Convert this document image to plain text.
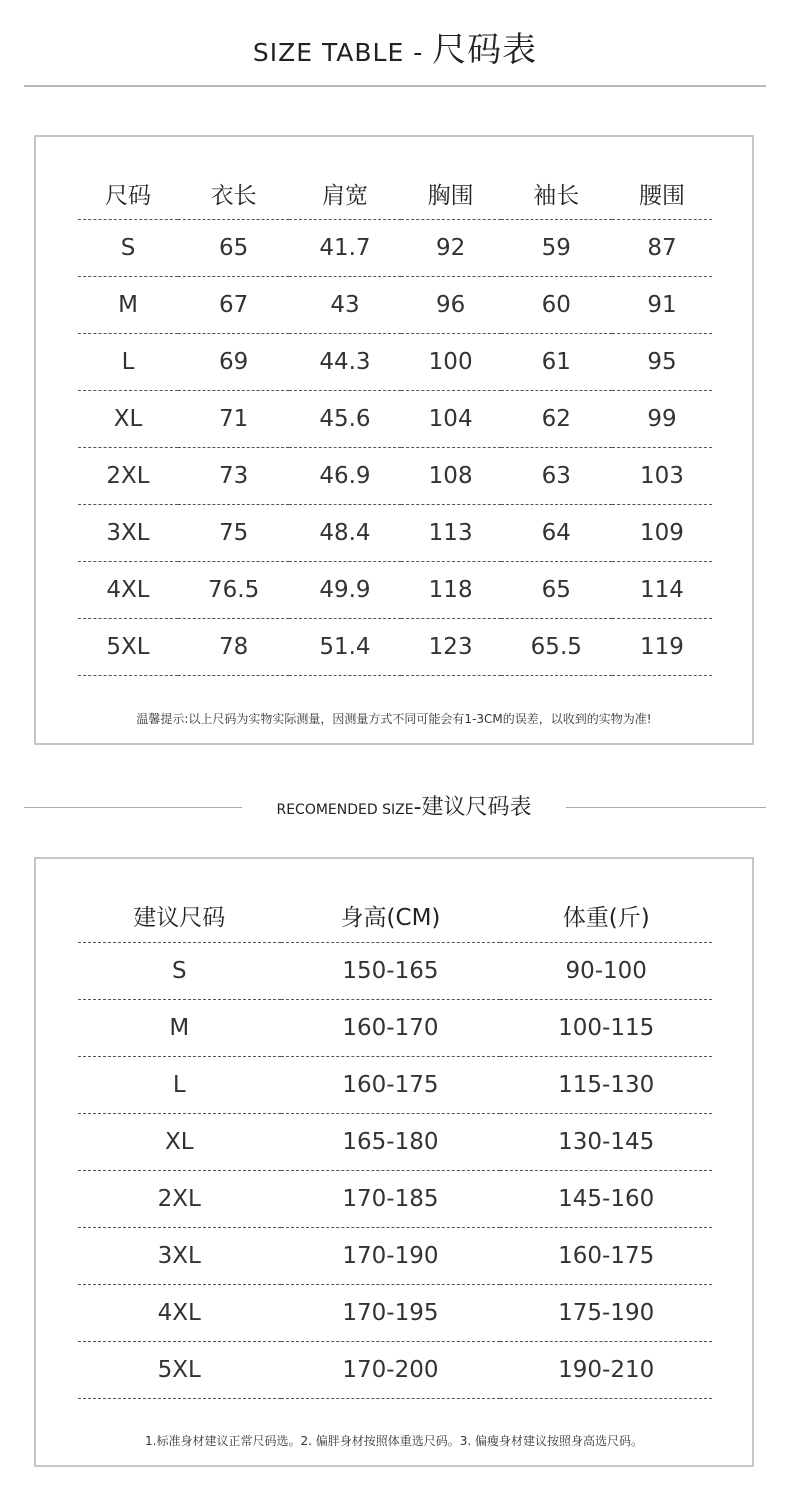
SIZE TABLE - 尺码表
尺码	衣长	肩宽	胸围	袖长	腰围
S	65	41.7	92	59	87
M	67	43	96	60	91
L	69	44.3	100	61	95
XL	71	45.6	104	62	99
2XL	73	46.9	108	63	103
3XL	75	48.4	113	64	109
4XL	76.5	49.9	118	65	114
5XL	78	51.4	123	65.5	119
温馨提示:以上尺码为实物实际测量，因测量方式不同可能会有1-3CM的误差，以收到的实物为准!
RECOMENDED SIZE-建议尺码表
建议尺码	身高(CM)	体重(斤)
S	150-165	90-100
M	160-170	100-115
L	160-175	115-130
XL	165-180	130-145
2XL	170-185	145-160
3XL	170-190	160-175
4XL	170-195	175-190
5XL	170-200	190-210
1.标准身材建议正常尺码选。2. 偏胖身材按照体重选尺码。3. 偏瘦身材建议按照身高选尺码。
